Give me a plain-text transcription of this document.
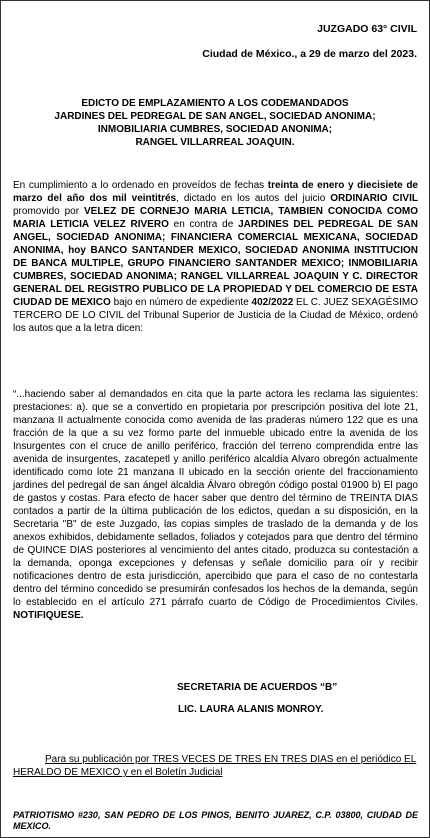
JUZGADO 63° CIVIL
Ciudad de México., a 29 de marzo del 2023.
EDICTO DE EMPLAZAMIENTO A LOS CODEMANDADOS
JARDINES DEL PEDREGAL DE SAN ANGEL, SOCIEDAD ANONIMA;
INMOBILIARIA CUMBRES, SOCIEDAD ANONIMA;
RANGEL VILLARREAL JOAQUIN.
En cumplimiento a lo ordenado en proveídos de fechas treinta de enero y diecisiete de marzo del año dos mil veintitrés, dictado en los autos del juicio ORDINARIO CIVIL promovido por VELEZ DE CORNEJO MARIA LETICIA, TAMBIEN CONOCIDA COMO MARIA LETICIA VELEZ RIVERO en contra de JARDINES DEL PEDREGAL DE SAN ANGEL, SOCIEDAD ANONIMA; FINANCIERA COMERCIAL MEXICANA, SOCIEDAD ANONIMA, hoy BANCO SANTANDER MEXICO, SOCIEDAD ANONIMA INSTITUCION DE BANCA MULTIPLE, GRUPO FINANCIERO SANTANDER MEXICO; INMOBILIARIA CUMBRES, SOCIEDAD ANONIMA; RANGEL VILLARREAL JOAQUIN Y C. DIRECTOR GENERAL DEL REGISTRO PUBLICO DE LA PROPIEDAD Y DEL COMERCIO DE ESTA CIUDAD DE MEXICO bajo en número de expediente 402/2022 EL C. JUEZ SEXAGÉSIMO TERCERO DE LO CIVIL del Tribunal Superior de Justicia de la Ciudad de México, ordenó los autos que a la letra dicen:
“...haciendo saber al demandados en cita que la parte actora les reclama las siguientes: prestaciones: a). que se a convertido en propietaria por prescripción positiva del lote 21, manzana II actualmente conocida como avenida de las praderas número 122 que es una fracción de la que a su vez formo parte del inmueble ubicado entre la avenida de los Insurgentes con el cruce de anillo periférico, fracción del terreno comprendida entre las avenida de insurgentes, zacatepetl y anillo periférico alcaldía Alvaro obregón actualmente identificado como lote 21 manzana II ubicado en la sección oriente del fraccionamiento jardines del pedregal de san ángel alcaldia Álvaro obregón código postal 01900 b) El pago de gastos y costas. Para efecto de hacer saber que dentro del término de TREINTA DIAS contados a partir de la última publicación de los edictos, quedan a su disposición, en la Secretaria "B" de este Juzgado, las copias simples de traslado de la demanda y de los anexos exhibidos, debidamente sellados, foliados y cotejados para que dentro del término de QUINCE DIAS posteriores al vencimiento del antes citado, produzca su contestación a la demanda, oponga excepciones y defensas y señale domicilio para oír y recibir notificaciones dentro de esta jurisdicción, apercibido que para el caso de no contestarla dentro del término concedido se presumirán confesados los hechos de la demanda, según lo establecido en el artículo 271 párrafo cuarto de Código de Procedimientos Civiles. NOTIFIQUESE.
SECRETARIA DE ACUERDOS “B”
LIC. LAURA ALANIS MONROY.
Para su publicación por TRES VECES DE TRES EN TRES DIAS en el periódico EL HERALDO DE MEXICO y en el Boletín Judicial
PATRIOTISMO #230, SAN PEDRO DE LOS PINOS, BENITO JUAREZ, C.P. 03800, CIUDAD DE MEXICO.
